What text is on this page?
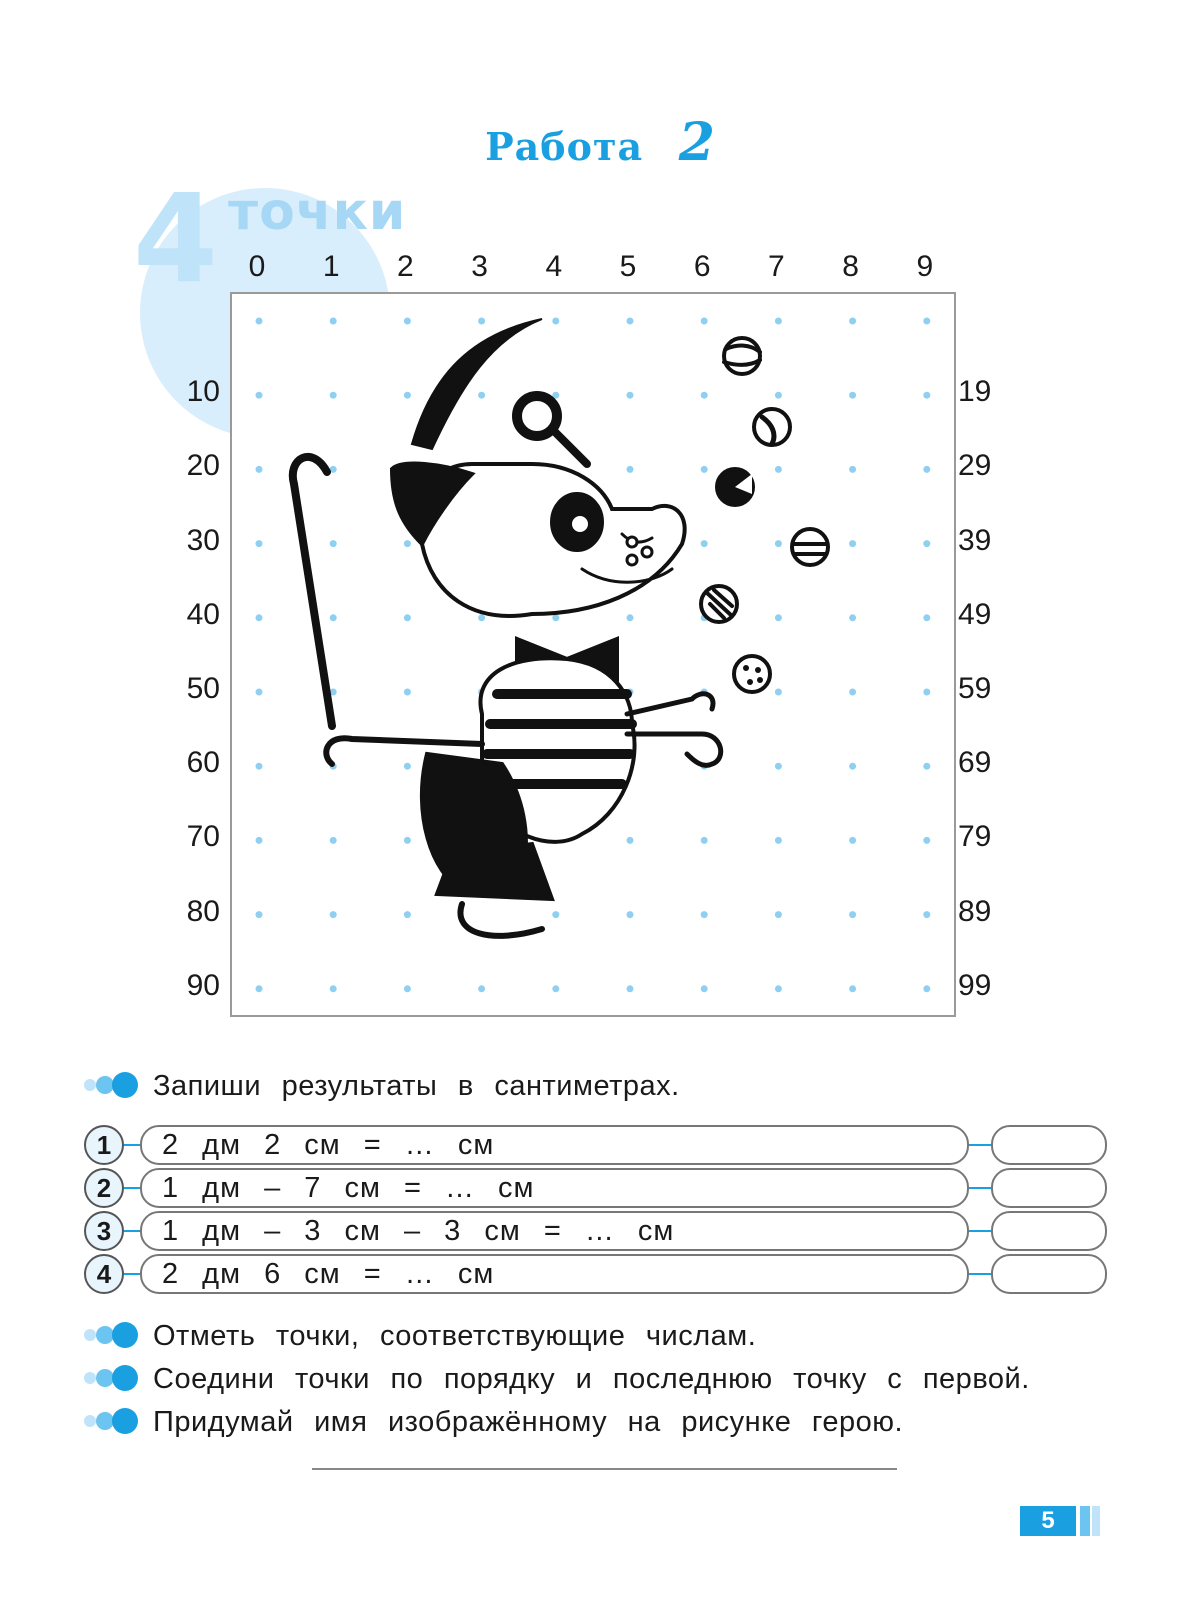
Работа 2
4 точки
0	1	2	3	4	5	6	7	8	9
10
20
30
40
50
60
70
80
90
19
29
39
49
59
69
79
89
99
Запиши результаты в сантиметрах.
1	2 дм 2 см = … см
2	1 дм – 7 см = … см
3	1 дм – 3 см – 3 см = … см
4	2 дм 6 см = … см
Отметь точки, соответствующие числам.
Соедини точки по порядку и последнюю точку с первой.
Придумай имя изображённому на рисунке герою.
5
